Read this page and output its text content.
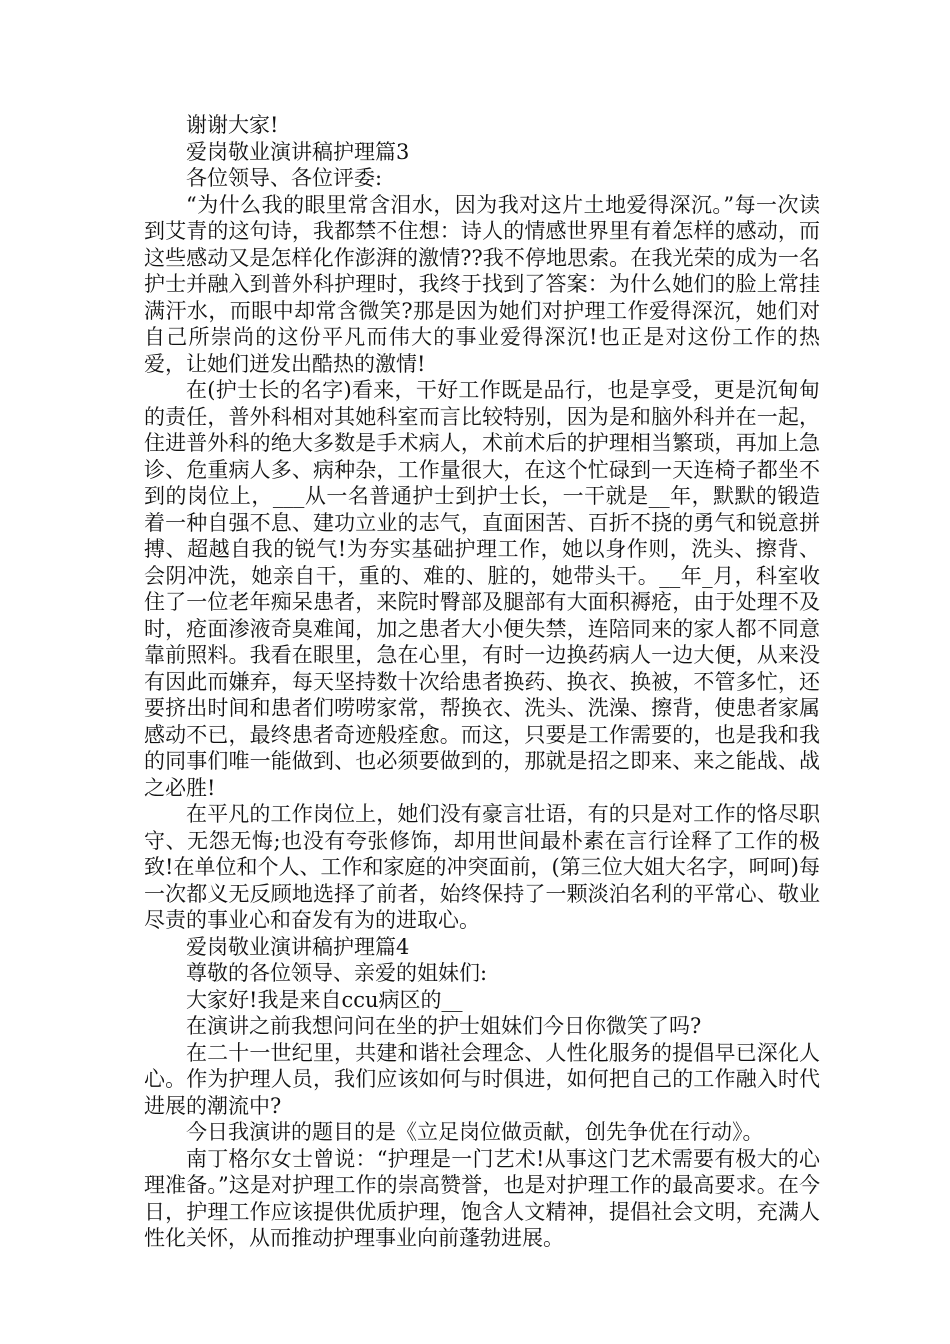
谢谢大家!

爱岗敬业演讲稿护理篇3

各位领导、各位评委:

“为什么我的眼里常含泪水，因为我对这片土地爱得深沉。”每一次读到艾青的这句诗，我都禁不住想：诗人的情感世界里有着怎样的感动，而这些感动又是怎样化作澎湃的激情??我不停地思索。在我光荣的成为一名护士并融入到普外科护理时，我终于找到了答案：为什么她们的脸上常挂满汗水，而眼中却常含微笑?那是因为她们对护理工作爱得深沉，她们对自己所崇尚的这份平凡而伟大的事业爱得深沉!也正是对这份工作的热爱，让她们迸发出酷热的激情!

在(护士长的名字)看来，干好工作既是品行，也是享受，更是沉甸甸的责任，普外科相对其她科室而言比较特别，因为是和脑外科并在一起，住进普外科的绝大多数是手术病人，术前术后的护理相当繁琐，再加上急诊、危重病人多、病种杂，工作量很大，在这个忙碌到一天连椅子都坐不到的岗位上，___从一名普通护士到护士长，一干就是__年，默默的锻造着一种自强不息、建功立业的志气，直面困苦、百折不挠的勇气和锐意拼搏、超越自我的锐气!为夯实基础护理工作，她以身作则，洗头、擦背、会阴冲洗，她亲自干，重的、难的、脏的，她带头干。__年_月，科室收住了一位老年痴呆患者，来院时臀部及腿部有大面积褥疮，由于处理不及时，疮面渗液奇臭难闻，加之患者大小便失禁，连陪同来的家人都不同意靠前照料。我看在眼里，急在心里，有时一边换药病人一边大便，从来没有因此而嫌弃，每天坚持数十次给患者换药、换衣、换被，不管多忙，还要挤出时间和患者们唠唠家常，帮换衣、洗头、洗澡、擦背，使患者家属感动不已，最终患者奇迹般痊愈。而这，只要是工作需要的，也是我和我的同事们唯一能做到、也必须要做到的，那就是招之即来、来之能战、战之必胜!

在平凡的工作岗位上，她们没有豪言壮语，有的只是对工作的恪尽职守、无怨无悔;也没有夸张修饰，却用世间最朴素在言行诠释了工作的极致!在单位和个人、工作和家庭的冲突面前，(第三位大姐大名字，呵呵)每一次都义无反顾地选择了前者，始终保持了一颗淡泊名利的平常心、敬业尽责的事业心和奋发有为的进取心。

爱岗敬业演讲稿护理篇4

尊敬的各位领导、亲爱的姐妹们:

大家好!我是来自ccu病区的__

在演讲之前我想问问在坐的护士姐妹们今日你微笑了吗?

在二十一世纪里，共建和谐社会理念、人性化服务的提倡早已深化人心。作为护理人员，我们应该如何与时俱进，如何把自己的工作融入时代进展的潮流中?

今日我演讲的题目的是《立足岗位做贡献，创先争优在行动》。

南丁格尔女士曾说：“护理是一门艺术!从事这门艺术需要有极大的心理准备。”这是对护理工作的崇高赞誉，也是对护理工作的最高要求。在今日，护理工作应该提供优质护理，饱含人文精神，提倡社会文明，充满人性化关怀，从而推动护理事业向前蓬勃进展。
